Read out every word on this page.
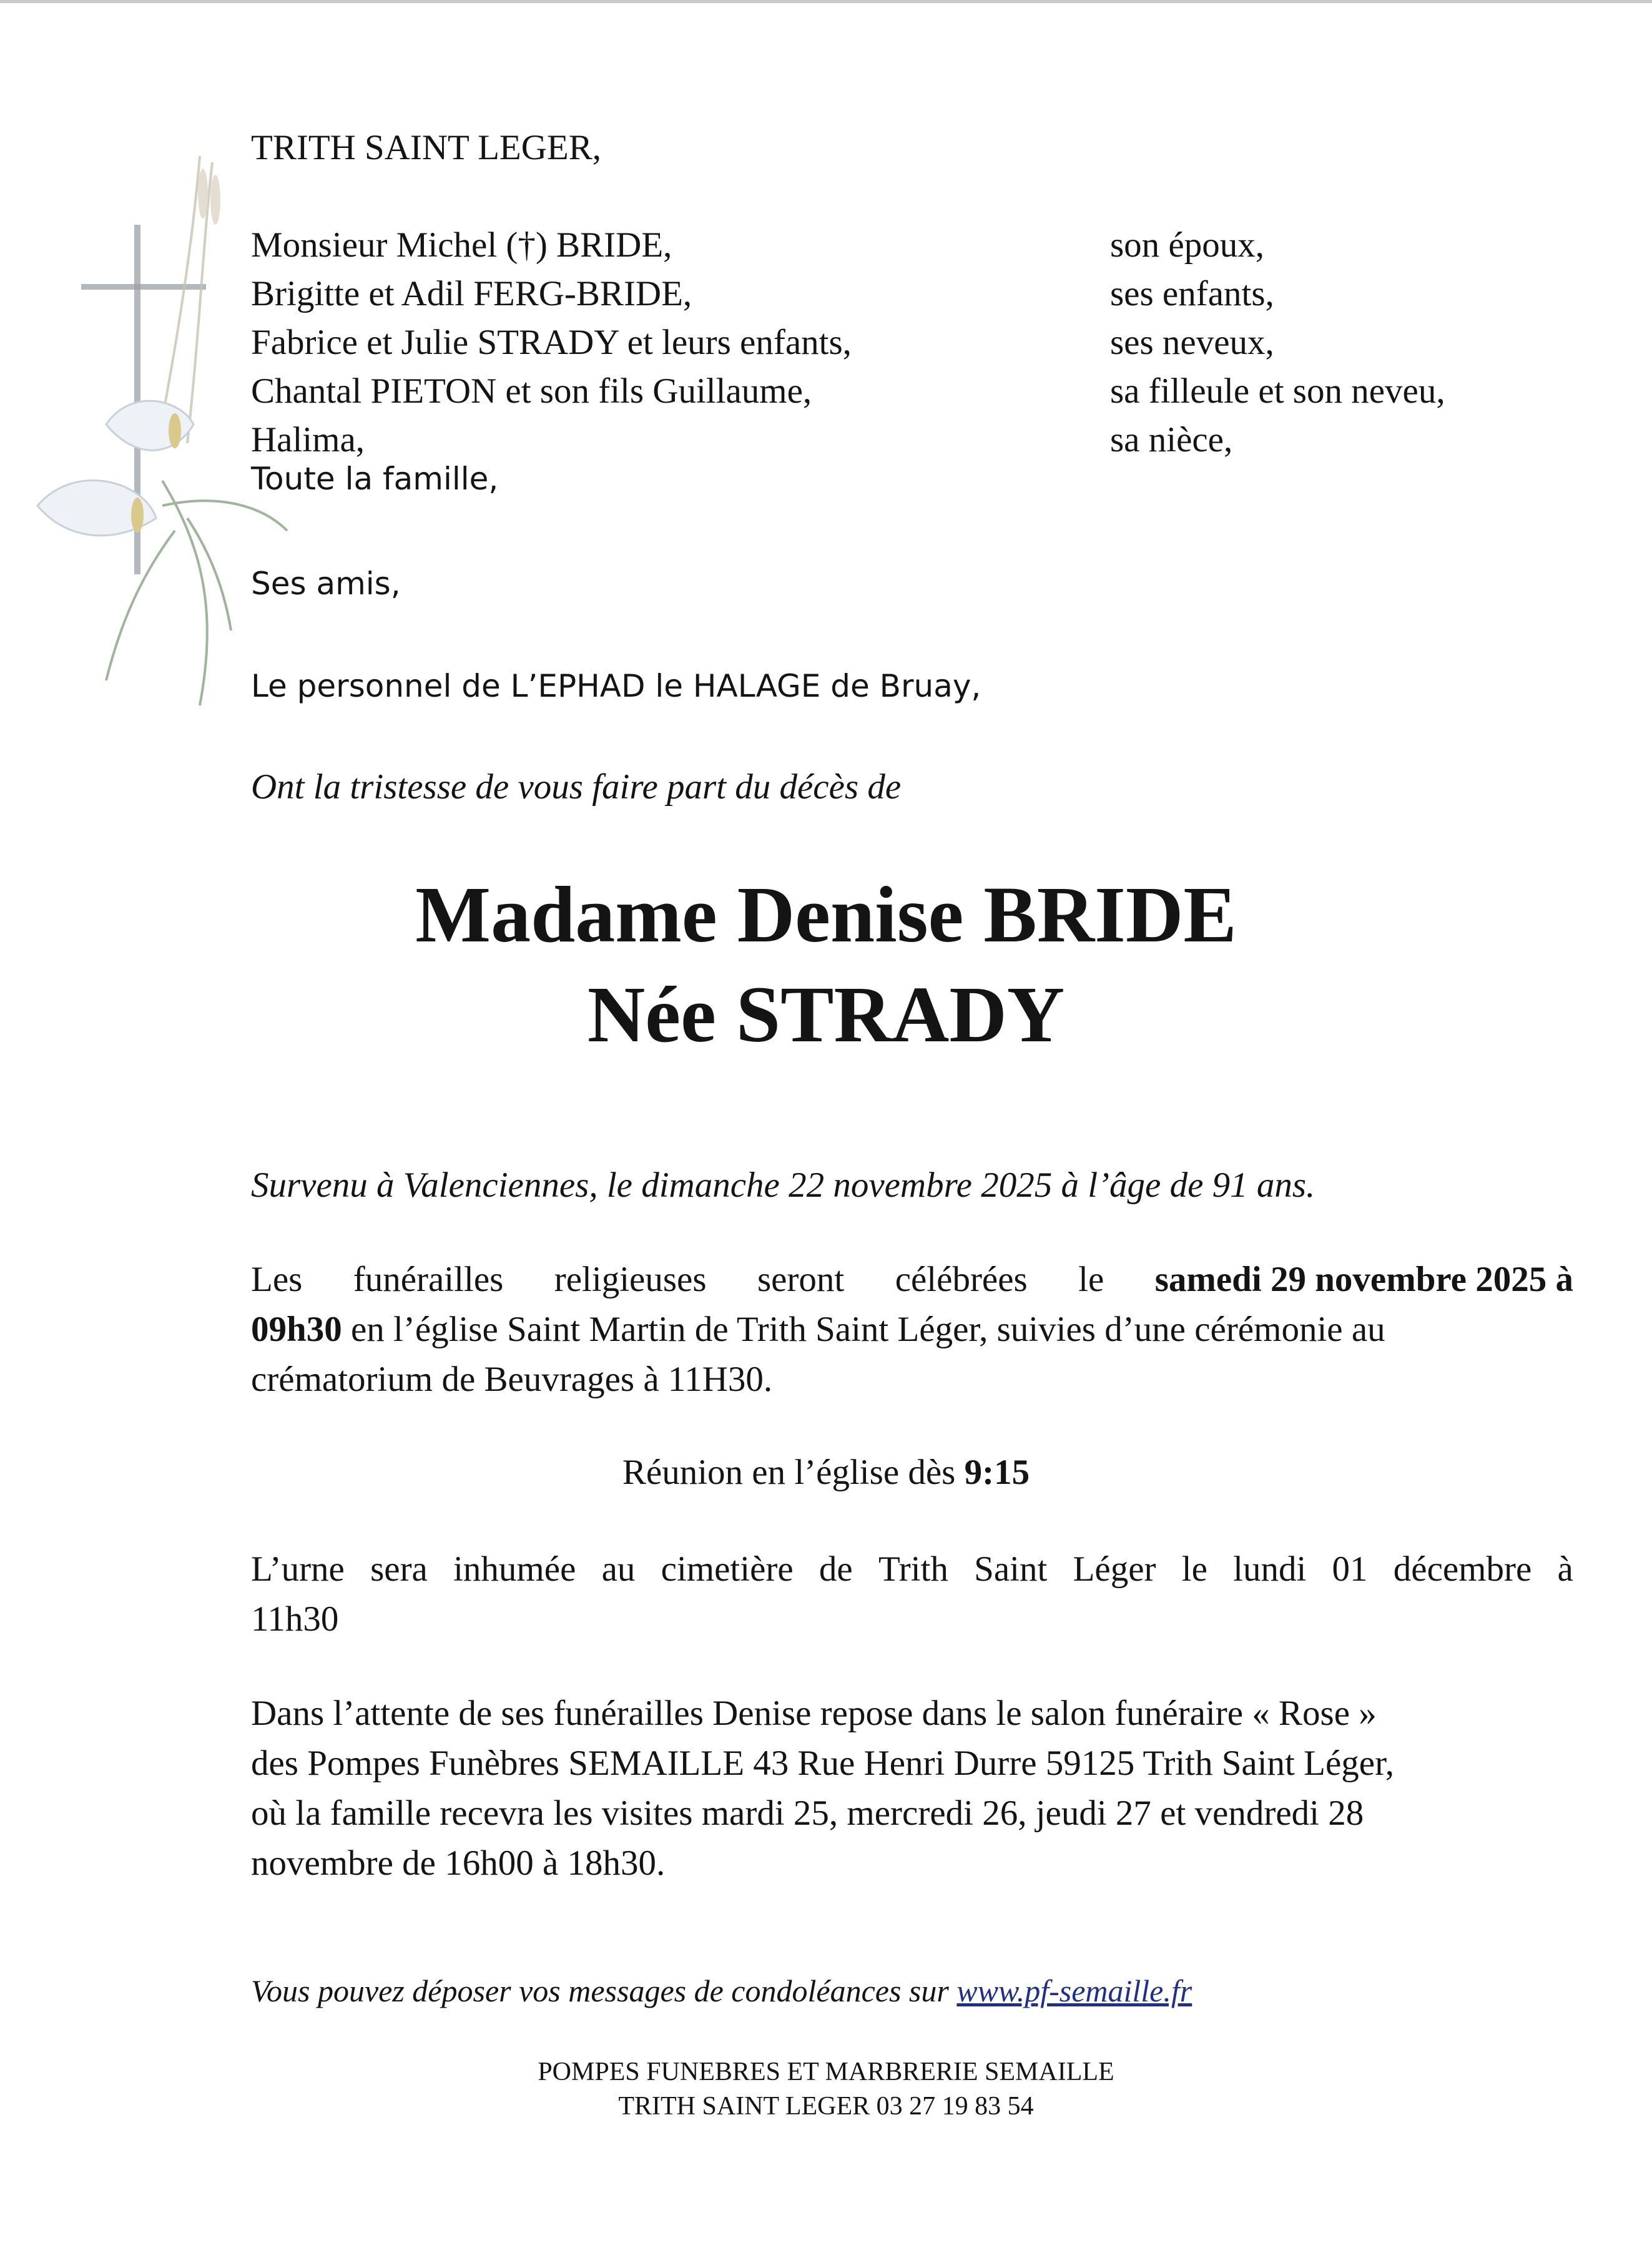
TRITH SAINT LEGER,
Monsieur Michel (†) BRIDE,
Brigitte et Adil FERG-BRIDE,
Fabrice et Julie STRADY et leurs enfants,
Chantal PIETON et son fils Guillaume,
Halima,
son époux,
ses enfants,
ses neveux,
sa filleule et son neveu,
sa nièce,
Toute la famille,
Ses amis,
Le personnel de L’EPHAD le HALAGE de Bruay,
Ont la tristesse de vous faire part du décès de
Madame Denise BRIDE
Née STRADY
Survenu à Valenciennes, le dimanche 22 novembre 2025 à l’âge de 91 ans.
Les funérailles religieuses seront célébrées le samedi 29 novembre 2025 à
09h30 en l’église Saint Martin de Trith Saint Léger, suivies d’une cérémonie au
crématorium de Beuvrages à 11H30.
Réunion en l’église dès 9:15
L’urne sera inhumée au cimetière de Trith Saint Léger le lundi 01 décembre à
11h30
Dans l’attente de ses funérailles Denise repose dans le salon funéraire « Rose »
des Pompes Funèbres SEMAILLE 43 Rue Henri Durre 59125 Trith Saint Léger,
où la famille recevra les visites mardi 25, mercredi 26, jeudi 27 et vendredi 28
novembre de 16h00 à 18h30.
Vous pouvez déposer vos messages de condoléances sur www.pf-semaille.fr
POMPES FUNEBRES ET MARBRERIE SEMAILLE
TRITH SAINT LEGER 03 27 19 83 54
